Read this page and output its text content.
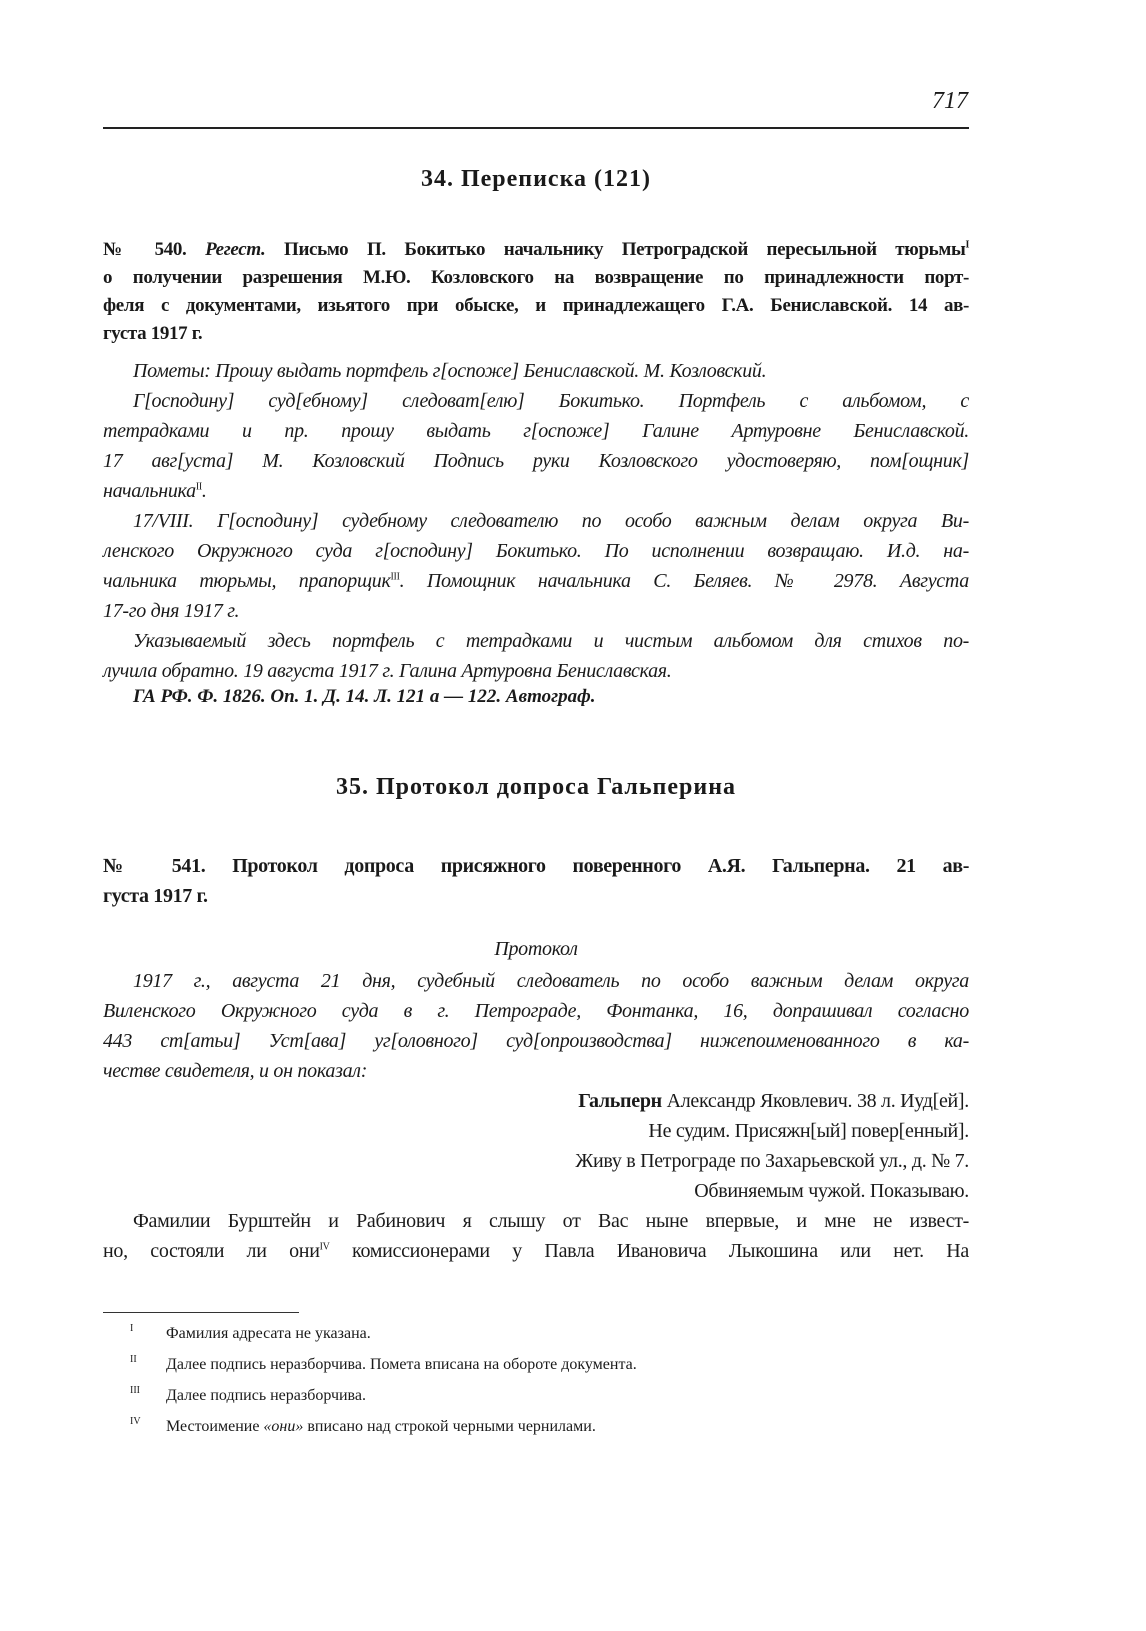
717
34. Переписка (121)
№ 540. Регест. Письмо П. Бокитько начальнику Петроградской пересыльной тюрьмы$^I$
о получении разрешения М.Ю. Козловского на возвращение по принадлежности порт-
феля с документами, изьятого при обыске, и принадлежащего Г.А. Бениславской. 14 ав-
густа 1917 г.
Пометы: Прошу выдать портфель г[оспоже] Бениславской. М. Козловский.
Г[осподину] суд[ебному] следоват[елю] Бокитько. Портфель с альбомом, с
тетрадками и пр. прошу выдать г[оспоже] Галине Артуровне Бениславской.
17 авг[уста] М. Козловский Подпись руки Козловского удостоверяю, пом[ощник]
начальника$^{II}$.
17/VIII. Г[осподину] судебному следователю по особо важным делам округа Ви-
ленского Окружного суда г[осподину] Бокитько. По исполнении возвращаю. И.д. на-
чальника тюрьмы, прапорщик$^{III}$. Помощник начальника С. Беляев. № 2978. Августа
17-го дня 1917 г.
Указываемый здесь портфель с тетрадками и чистым альбомом для стихов по-
лучила обратно. 19 августа 1917 г. Галина Артуровна Бениславская.
ГА РФ. Ф. 1826. Оп. 1. Д. 14. Л. 121 а — 122. Автограф.
35. Протокол допроса Гальперина
№ 541. Протокол допроса присяжного поверенного А.Я. Гальперна. 21 ав-
густа 1917 г.
Протокол
1917 г., августа 21 дня, судебный следователь по особо важным делам округа
Виленского Окружного суда в г. Петрограде, Фонтанка, 16, допрашивал согласно
443 ст[атьи] Уст[ава] уг[оловного] суд[опроизводства] нижепоименованного в ка-
честве свидетеля, и он показал:
Гальперн Александр Яковлевич. 38 л. Иуд[ей].
Не судим. Присяжн[ый] повер[енный].
Живу в Петрограде по Захарьевской ул., д. № 7.
Обвиняемым чужой. Показываю.
Фамилии Бурштейн и Рабинович я слышу от Вас ныне впервые, и мне не извест-
но, состояли ли они$^{IV}$ комиссионерами у Павла Ивановича Лыкошина или нет. На
I Фамилия адресата не указана.
II Далее подпись неразборчива. Помета вписана на обороте документа.
III Далее подпись неразборчива.
IV Местоимение «они» вписано над строкой черными чернилами.
